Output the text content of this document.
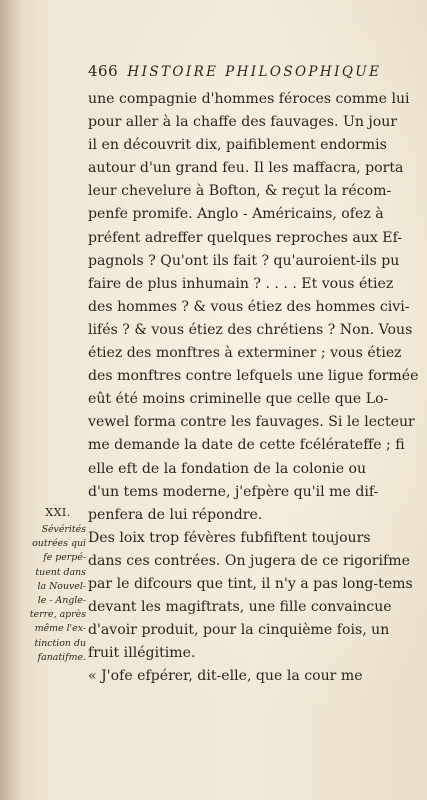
466 HISTOIRE PHILOSOPHIQUE
une compagnie d'hommes féroces comme lui
pour aller à la chaffe des fauvages. Un jour
il en découvrit dix, paifiblement endormis
autour d'un grand feu. Il les maffacra, porta
leur chevelure à Bofton, & reçut la récom-
penfe promife. Anglo - Américains, ofez à
préfent adreffer quelques reproches aux Ef-
pagnols ? Qu'ont ils fait ? qu'auroient-ils pu
faire de plus inhumain ? . . . . Et vous étiez
des hommes ? & vous étiez des hommes civi-
lifés ? & vous étiez des chrétiens ? Non. Vous
étiez des monftres à exterminer ; vous étiez
des monftres contre lefquels une ligue formée
eût été moins criminelle que celle que Lo-
vewel forma contre les fauvages. Si le lecteur
me demande la date de cette fcélérateffe ; fi
elle eft de la fondation de la colonie ou
d'un tems moderne, j'efpère qu'il me dif-
penfera de lui répondre.
Des loix trop févères fubfiftent toujours
dans ces contrées. On jugera de ce rigorifme
par le difcours que tint, il n'y a pas long-tems
devant les magiftrats, une fille convaincue
d'avoir produit, pour la cinquième fois, un
fruit illégitime.
« J'ofe efpérer, dit-elle, que la cour me
XXI.
Sévérités
outrées qui
fe perpé-
tuent dans
la Nouvel-
le - Angle-
terre, après
même l'ex-
tinction du
fanatifme.
